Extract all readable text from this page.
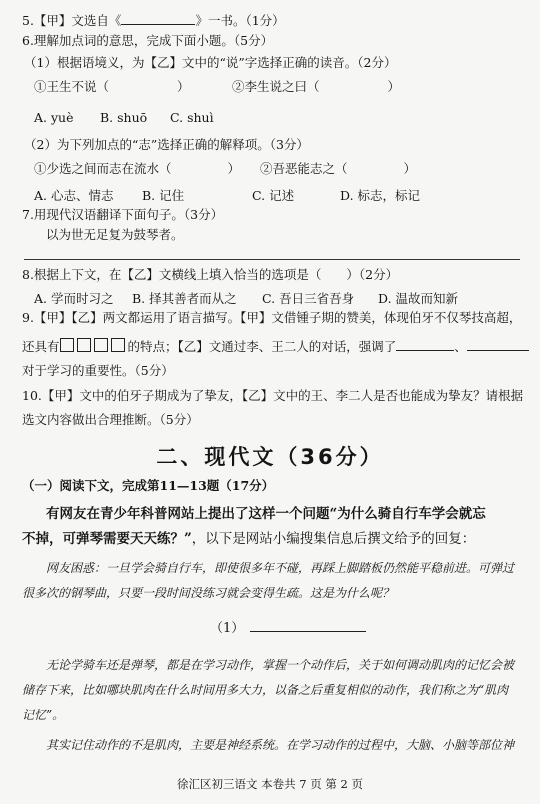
5.【甲】文选自《	》一书。（1分）
6.理解加点词的意思，完成下面小题。（5分）
（1）根据语境义，为【乙】文中的“说”字选择正确的读音。（2分）
①王生不说（	）	②李生说之曰（	）
A. yuè B. shuō C. shuì
（2）为下列加点的“志”选择正确的解释项。（3分）
①少选之间而志在流水（	） ②吾恶能志之（	）
A. 心志、情志 B. 记住	C. 记述	D. 标志，标记
7.用现代汉语翻译下面句子。（3分）
以为世无足复为鼓琴者。
8.根据上下文，在【乙】文横线上填入恰当的选项是（　　）（2分）
A. 学而时习之 B. 择其善者而从之 C. 吾日三省吾身 D. 温故而知新
9.【甲】【乙】两文都运用了语言描写。【甲】文借锺子期的赞美，体现伯牙不仅琴技高超，
还具有	的特点；【乙】文通过李、王二人的对话，强调了	、
对于学习的重要性。（5分）
10.【甲】文中的伯牙子期成为了挚友，【乙】文中的王、李二人是否也能成为挚友？请根据
选文内容做出合理推断。（5分）
二、现代文（36分）
（一）阅读下文，完成第11—13题（17分）
有网友在青少年科普网站上提出了这样一个问题“为什么骑自行车学会就忘
不掉，可弹琴需要天天练？”，以下是网站小编搜集信息后撰文给予的回复：
网友困惑：一旦学会骑自行车，即使很多年不碰，再踩上脚踏板仍然能平稳前进。可弹过
很多次的钢琴曲，只要一段时间没练习就会变得生疏。这是为什么呢？
（1）
无论学骑车还是弹琴，都是在学习动作，掌握一个动作后，关于如何调动肌肉的记忆会被
储存下来，比如哪块肌肉在什么时间用多大力，以备之后重复相似的动作，我们称之为“肌肉
记忆”。
其实记住动作的不是肌肉，主要是神经系统。在学习动作的过程中，大脑、小脑等部位神
徐汇区初三语文 本卷共 7 页 第 2 页
